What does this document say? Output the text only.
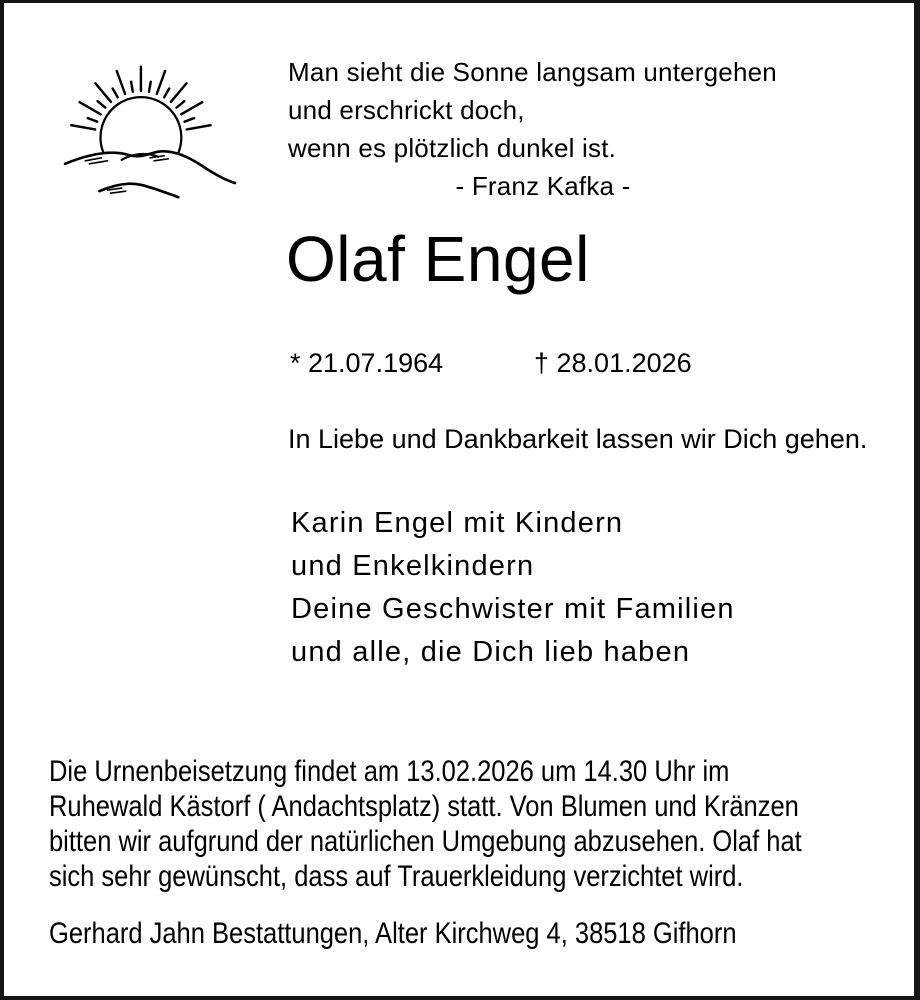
Man sieht die Sonne langsam untergehen
und erschrickt doch,
wenn es plötzlich dunkel ist.
- Franz Kafka -
Olaf Engel
* 21.07.1964	† 28.01.2026
In Liebe und Dankbarkeit lassen wir Dich gehen.
Karin Engel mit Kindern
und Enkelkindern
Deine Geschwister mit Familien
und alle, die Dich lieb haben
Die Urnenbeisetzung findet am 13.02.2026 um 14.30 Uhr im
Ruhewald Kästorf ( Andachtsplatz) statt. Von Blumen und Kränzen
bitten wir aufgrund der natürlichen Umgebung abzusehen. Olaf hat
sich sehr gewünscht, dass auf Trauerkleidung verzichtet wird.
Gerhard Jahn Bestattungen, Alter Kirchweg 4, 38518 Gifhorn
